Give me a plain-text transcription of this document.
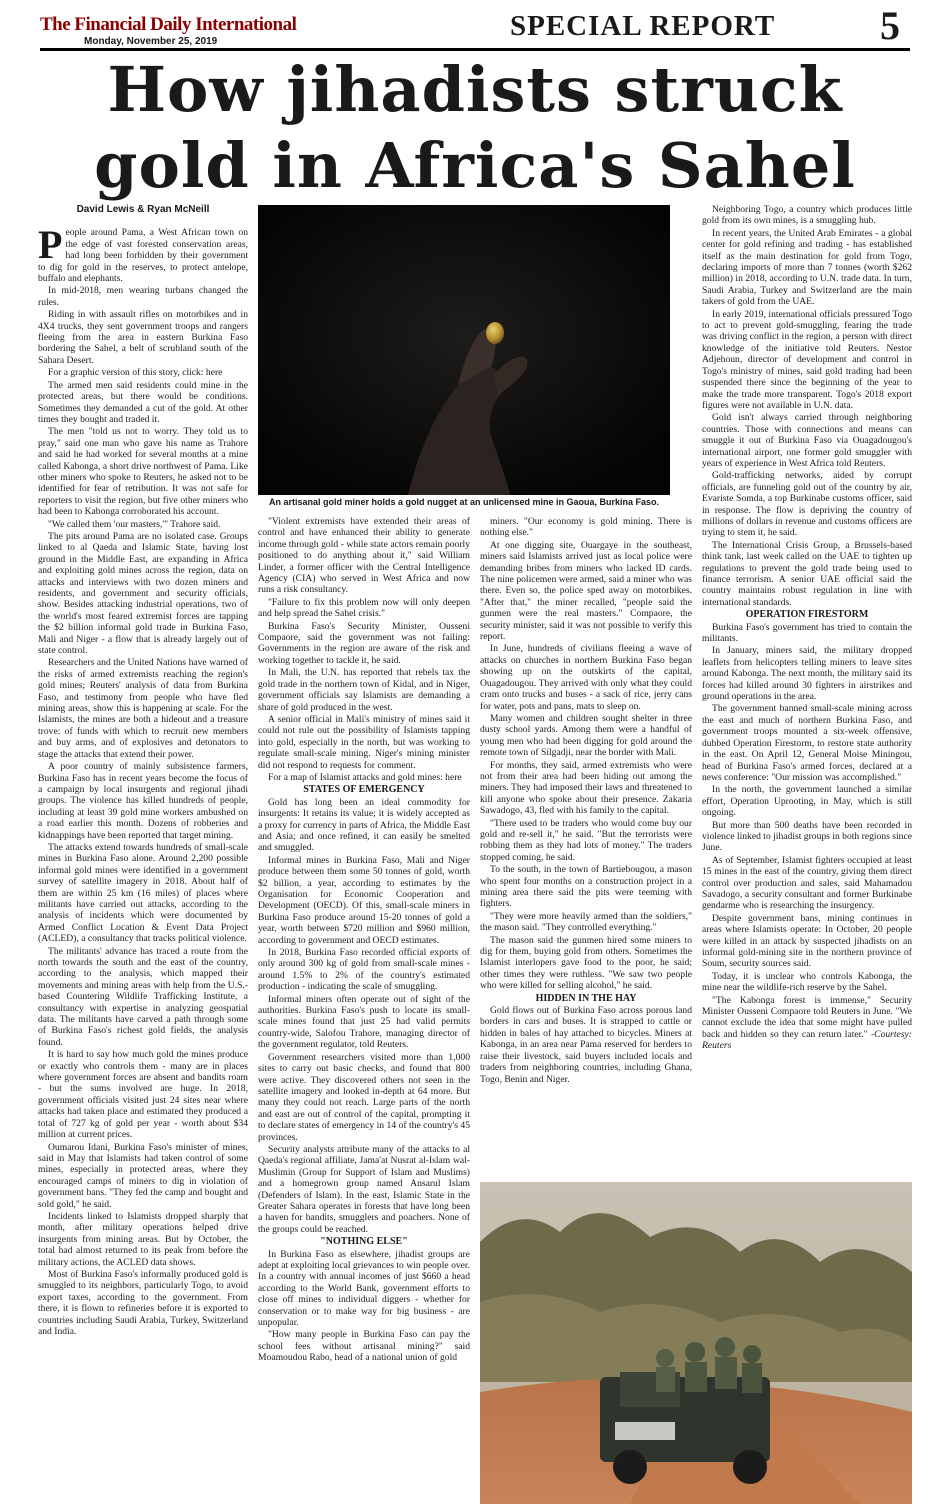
The Financial Daily International
Monday, November 25, 2019	SPECIAL REPORT	5
How jihadists struck gold in Africa's Sahel
David Lewis & Ryan McNeill

People around Pama, a West African town on the edge of vast forested conservation areas, had long been forbidden by their government to dig for gold in the reserves, to protect antelope, buffalo and elephants.

In mid-2018, men wearing turbans changed the rules.

Riding in with assault rifles on motorbikes and in 4X4 trucks, they sent government troops and rangers fleeing from the area in eastern Burkina Faso bordering the Sahel, a belt of scrubland south of the Sahara Desert.

For a graphic version of this story, click: here

The armed men said residents could mine in the protected areas, but there would be conditions. Sometimes they demanded a cut of the gold. At other times they bought and traded it.

The men "told us not to worry. They told us to pray," said one man who gave his name as Trahore and said he had worked for several months at a mine called Kabonga, a short drive northwest of Pama. Like other miners who spoke to Reuters, he asked not to be identified for fear of retribution. It was not safe for reporters to visit the region, but five other miners who had been to Kabonga corroborated his account.

"We called them 'our masters,'" Trahore said.

The pits around Pama are no isolated case. Groups linked to al Qaeda and Islamic State, having lost ground in the Middle East, are expanding in Africa and exploiting gold mines across the region, data on attacks and interviews with two dozen miners and residents, and government and security officials, show. Besides attacking industrial operations, two of the world's most feared extremist forces are tapping the $2 billion informal gold trade in Burkina Faso, Mali and Niger - a flow that is already largely out of state control.

Researchers and the United Nations have warned of the risks of armed extremists reaching the region's gold mines; Reuters' analysis of data from Burkina Faso, and testimony from people who have fled mining areas, show this is happening at scale. For the Islamists, the mines are both a hideout and a treasure trove: of funds with which to recruit new members and buy arms, and of explosives and detonators to stage the attacks that extend their power.

A poor country of mainly subsistence farmers, Burkina Faso has in recent years become the focus of a campaign by local insurgents and regional jihadi groups. The violence has killed hundreds of people, including at least 39 gold mine workers ambushed on a road earlier this month. Dozens of robberies and kidnappings have been reported that target mining.

The attacks extend towards hundreds of small-scale mines in Burkina Faso alone. Around 2,200 possible informal gold mines were identified in a government survey of satellite imagery in 2018. About half of them are within 25 km (16 miles) of places where militants have carried out attacks, according to the analysis of incidents which were documented by Armed Conflict Location & Event Data Project (ACLED), a consultancy that tracks political violence.

The militants' advance has traced a route from the north towards the south and the east of the country, according to the analysis, which mapped their movements and mining areas with help from the U.S.-based Countering Wildlife Trafficking Institute, a consultancy with expertise in analyzing geospatial data. The militants have carved a path through some of Burkina Faso's richest gold fields, the analysis found.

It is hard to say how much gold the mines produce or exactly who controls them - many are in places where government forces are absent and bandits roam - but the sums involved are huge. In 2018, government officials visited just 24 sites near where attacks had taken place and estimated they produced a total of 727 kg of gold per year - worth about $34 million at current prices.

Oumarou Idani, Burkina Faso's minister of mines, said in May that Islamists had taken control of some mines, especially in protected areas, where they encouraged camps of miners to dig in violation of government bans. "They fed the camp and bought and sold gold," he said.

Incidents linked to Islamists dropped sharply that month, after military operations helped drive insurgents from mining areas. But by October, the total had almost returned to its peak from before the military actions, the ACLED data shows.

Most of Burkina Faso's informally produced gold is smuggled to its neighbors, particularly Togo, to avoid export taxes, according to the government. From there, it is flown to refineries before it is exported to countries including Saudi Arabia, Turkey, Switzerland and India.

An artisanal gold miner holds a gold nugget at an unlicensed mine in Gaoua, Burkina Faso.

"Violent extremists have extended their areas of control and have enhanced their ability to generate income through gold - while state actors remain poorly positioned to do anything about it," said William Linder, a former officer with the Central Intelligence Agency (CIA) who served in West Africa and now runs a risk consultancy.

"Failure to fix this problem now will only deepen and help spread the Sahel crisis."

Burkina Faso's Security Minister, Ousseni Compaore, said the government was not failing: Governments in the region are aware of the risk and working together to tackle it, he said.

In Mali, the U.N. has reported that rebels tax the gold trade in the northern town of Kidal, and in Niger, government officials say Islamists are demanding a share of gold produced in the west.

A senior official in Mali's ministry of mines said it could not rule out the possibility of Islamists tapping into gold, especially in the north, but was working to regulate small-scale mining. Niger's mining minister did not respond to requests for comment.

For a map of Islamist attacks and gold mines: here

STATES OF EMERGENCY

Gold has long been an ideal commodity for insurgents: It retains its value; it is widely accepted as a proxy for currency in parts of Africa, the Middle East and Asia; and once refined, it can easily be smelted and smuggled.

Informal mines in Burkina Faso, Mali and Niger produce between them some 50 tonnes of gold, worth $2 billion, a year, according to estimates by the Organisation for Economic Cooperation and Development (OECD). Of this, small-scale miners in Burkina Faso produce around 15-20 tonnes of gold a year, worth between $720 million and $960 million, according to government and OECD estimates.

In 2018, Burkina Faso recorded official exports of only around 300 kg of gold from small-scale mines - around 1.5% to 2% of the country's estimated production - indicating the scale of smuggling.

Informal miners often operate out of sight of the authorities. Burkina Faso's push to locate its small-scale mines found that just 25 had valid permits country-wide, Salofou Trahore, managing director of the government regulator, told Reuters.

Government researchers visited more than 1,000 sites to carry out basic checks, and found that 800 were active. They discovered others not seen in the satellite imagery and looked in-depth at 64 more. But many they could not reach. Large parts of the north and east are out of control of the capital, prompting it to declare states of emergency in 14 of the country's 45 provinces.

Security analysts attribute many of the attacks to al Qaeda's regional affiliate, Jama'at Nusrat al-Islam wal-Muslimin (Group for Support of Islam and Muslims) and a homegrown group named Ansarul Islam (Defenders of Islam). In the east, Islamic State in the Greater Sahara operates in forests that have long been a haven for bandits, smugglers and poachers. None of the groups could be reached.

"NOTHING ELSE"

In Burkina Faso as elsewhere, jihadist groups are adept at exploiting local grievances to win people over. In a country with annual incomes of just $660 a head according to the World Bank, government efforts to close off mines to individual diggers - whether for conservation or to make way for big business - are unpopular.

"How many people in Burkina Faso can pay the school fees without artisanal mining?" said Moamoudou Rabo, head of a national union of gold

miners. "Our economy is gold mining. There is nothing else."

At one digging site, Ouargaye in the southeast, miners said Islamists arrived just as local police were demanding bribes from miners who lacked ID cards. The nine policemen were armed, said a miner who was there. Even so, the police sped away on motorbikes. "After that," the miner recalled, "people said the gunmen were the real masters." Compaore, the security minister, said it was not possible to verify this report.

In June, hundreds of civilians fleeing a wave of attacks on churches in northern Burkina Faso began showing up on the outskirts of the capital, Ouagadougou. They arrived with only what they could cram onto trucks and buses - a sack of rice, jerry cans for water, pots and pans, mats to sleep on.

Many women and children sought shelter in three dusty school yards. Among them were a handful of young men who had been digging for gold around the remote town of Silgadji, near the border with Mali.

For months, they said, armed extremists who were not from their area had been hiding out among the miners. They had imposed their laws and threatened to kill anyone who spoke about their presence. Zakaria Sawadogo, 43, fled with his family to the capital.

"There used to be traders who would come buy our gold and re-sell it," he said. "But the terrorists were robbing them as they had lots of money." The traders stopped coming, he said.

To the south, in the town of Bartiebougou, a mason who spent four months on a construction project in a mining area there said the pits were teeming with fighters.

"They were more heavily armed than the soldiers," the mason said. "They controlled everything."

The mason said the gunmen hired some miners to dig for them, buying gold from others. Sometimes the Islamist interlopers gave food to the poor, he said; other times they were ruthless. "We saw two people who were killed for selling alcohol," he said.

HIDDEN IN THE HAY

Gold flows out of Burkina Faso across porous land borders in cars and buses. It is strapped to cattle or hidden in bales of hay attached to bicycles. Miners at Kabonga, in an area near Pama reserved for herders to raise their livestock, said buyers included locals and traders from neighboring countries, including Ghana, Togo, Benin and Niger.

Neighboring Togo, a country which produces little gold from its own mines, is a smuggling hub.

In recent years, the United Arab Emirates - a global center for gold refining and trading - has established itself as the main destination for gold from Togo, declaring imports of more than 7 tonnes (worth $262 million) in 2018, according to U.N. trade data. In turn, Saudi Arabia, Turkey and Switzerland are the main takers of gold from the UAE.

In early 2019, international officials pressured Togo to act to prevent gold-smuggling, fearing the trade was driving conflict in the region, a person with direct knowledge of the initiative told Reuters. Nestor Adjehoun, director of development and control in Togo's ministry of mines, said gold trading had been suspended there since the beginning of the year to make the trade more transparent. Togo's 2018 export figures were not available in U.N. data.

Gold isn't always carried through neighboring countries. Those with connections and means can smuggle it out of Burkina Faso via Ouagadougou's international airport, one former gold smuggler with years of experience in West Africa told Reuters.

Gold-trafficking networks, aided by corrupt officials, are funneling gold out of the country by air, Evariste Somda, a top Burkinabe customs officer, said in response. The flow is depriving the country of millions of dollars in revenue and customs officers are trying to stem it, he said.

The International Crisis Group, a Brussels-based think tank, last week called on the UAE to tighten up regulations to prevent the gold trade being used to finance terrorism. A senior UAE official said the country maintains robust regulation in line with international standards.

OPERATION FIRESTORM

Burkina Faso's government has tried to contain the militants.

In January, miners said, the military dropped leaflets from helicopters telling miners to leave sites around Kabonga. The next month, the military said its forces had killed around 30 fighters in airstrikes and ground operations in the area.

The government banned small-scale mining across the east and much of northern Burkina Faso, and government troops mounted a six-week offensive, dubbed Operation Firestorm, to restore state authority in the east. On April 12, General Moise Miningou, head of Burkina Faso's armed forces, declared at a news conference: "Our mission was accomplished."

In the north, the government launched a similar effort, Operation Uprooting, in May, which is still ongoing.

But more than 500 deaths have been recorded in violence linked to jihadist groups in both regions since June.

As of September, Islamist fighters occupied at least 15 mines in the east of the country, giving them direct control over production and sales, said Mahamadou Savadogo, a security consultant and former Burkinabe gendarme who is researching the insurgency.

Despite government bans, mining continues in areas where Islamists operate: In October, 20 people were killed in an attack by suspected jihadists on an informal gold-mining site in the northern province of Soum, security sources said.

Today, it is unclear who controls Kabonga, the mine near the wildlife-rich reserve by the Sahel.

"The Kabonga forest is immense," Security Minister Ousseni Compaore told Reuters in June. "We cannot exclude the idea that some might have pulled back and hidden so they can return later." -Courtesy: Reuters
